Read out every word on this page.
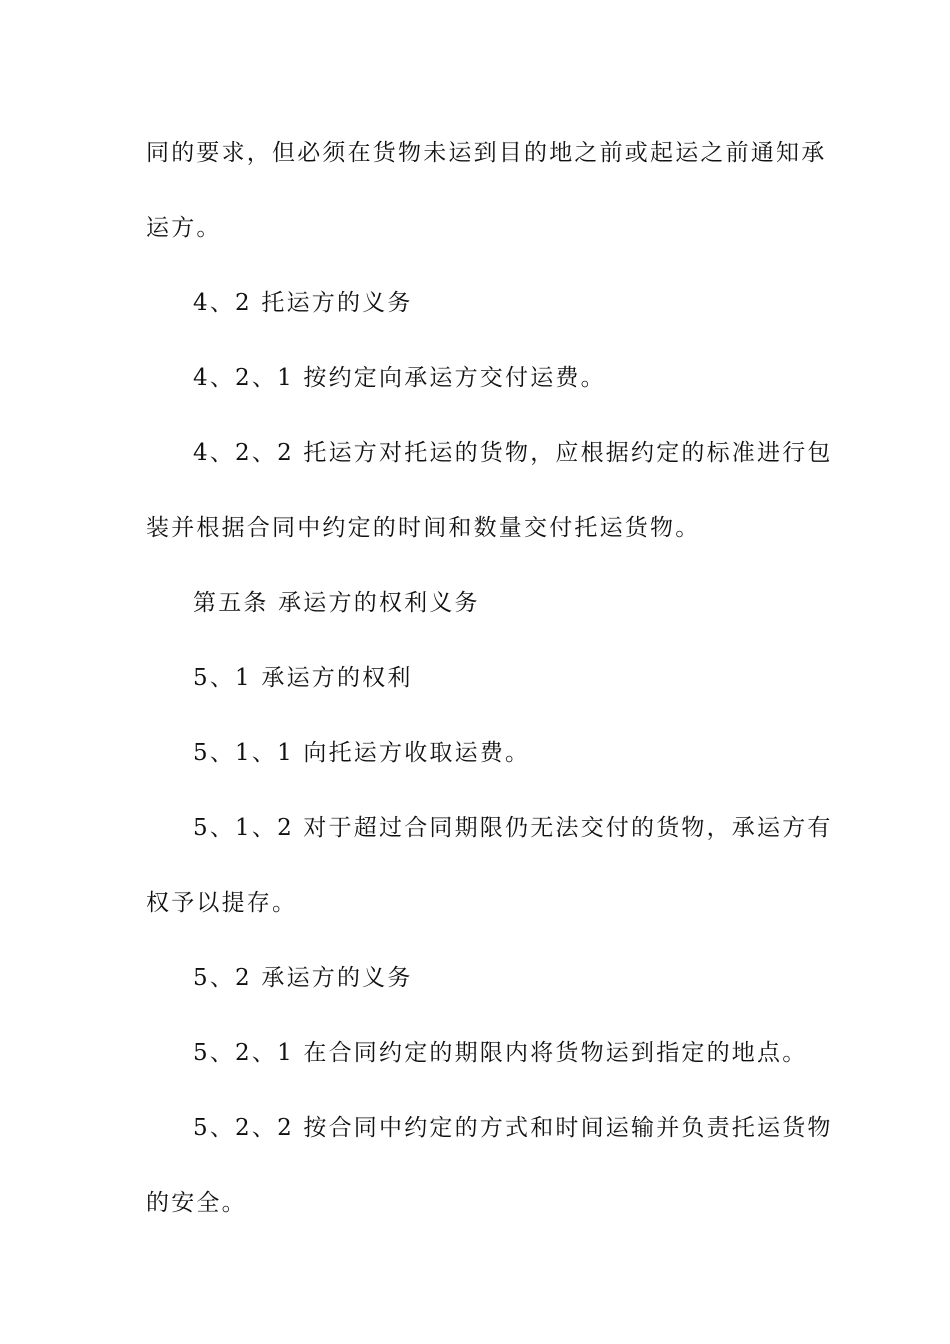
同的要求，但必须在货物未运到目的地之前或起运之前通知承
运方。
4、2 托运方的义务
4、2、1 按约定向承运方交付运费。
4、2、2 托运方对托运的货物，应根据约定的标准进行包
装并根据合同中约定的时间和数量交付托运货物。
第五条 承运方的权利义务
5、1 承运方的权利
5、1、1 向托运方收取运费。
5、1、2 对于超过合同期限仍无法交付的货物，承运方有
权予以提存。
5、2 承运方的义务
5、2、1 在合同约定的期限内将货物运到指定的地点。
5、2、2 按合同中约定的方式和时间运输并负责托运货物
的安全。
